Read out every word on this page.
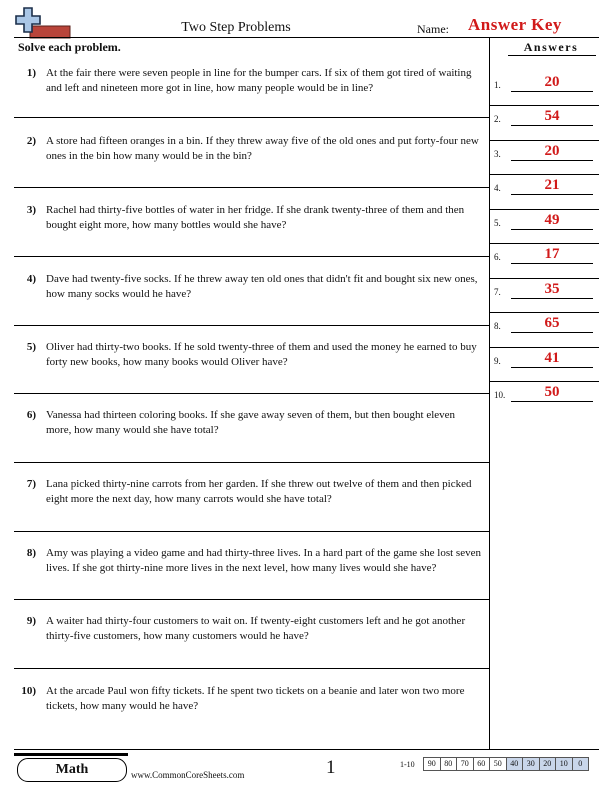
Two Step Problems	Name: Answer Key
Solve each problem.
1) At the fair there were seven people in line for the bumper cars. If six of them got tired of waiting and left and nineteen more got in line, how many people would be in line?
2) A store had fifteen oranges in a bin. If they threw away five of the old ones and put forty-four new ones in the bin how many would be in the bin?
3) Rachel had thirty-five bottles of water in her fridge. If she drank twenty-three of them and then bought eight more, how many bottles would she have?
4) Dave had twenty-five socks. If he threw away ten old ones that didn't fit and bought six new ones, how many socks would he have?
5) Oliver had thirty-two books. If he sold twenty-three of them and used the money he earned to buy forty new books, how many books would Oliver have?
6) Vanessa had thirteen coloring books. If she gave away seven of them, but then bought eleven more, how many would she have total?
7) Lana picked thirty-nine carrots from her garden. If she threw out twelve of them and then picked eight more the next day, how many carrots would she have total?
8) Amy was playing a video game and had thirty-three lives. In a hard part of the game she lost seven lives. If she got thirty-nine more lives in the next level, how many lives would she have?
9) A waiter had thirty-four customers to wait on. If twenty-eight customers left and he got another thirty-five customers, how many customers would he have?
10) At the arcade Paul won fifty tickets. If he spent two tickets on a beanie and later won two more tickets, how many would he have?
Answers
1.	20
2.	54
3.	20
4.	21
5.	49
6.	17
7.	35
8.	65
9.	41
10.	50
Math	www.CommonCoreSheets.com	1	1-10	90	80	70	60	50	40	30	20	10	0
